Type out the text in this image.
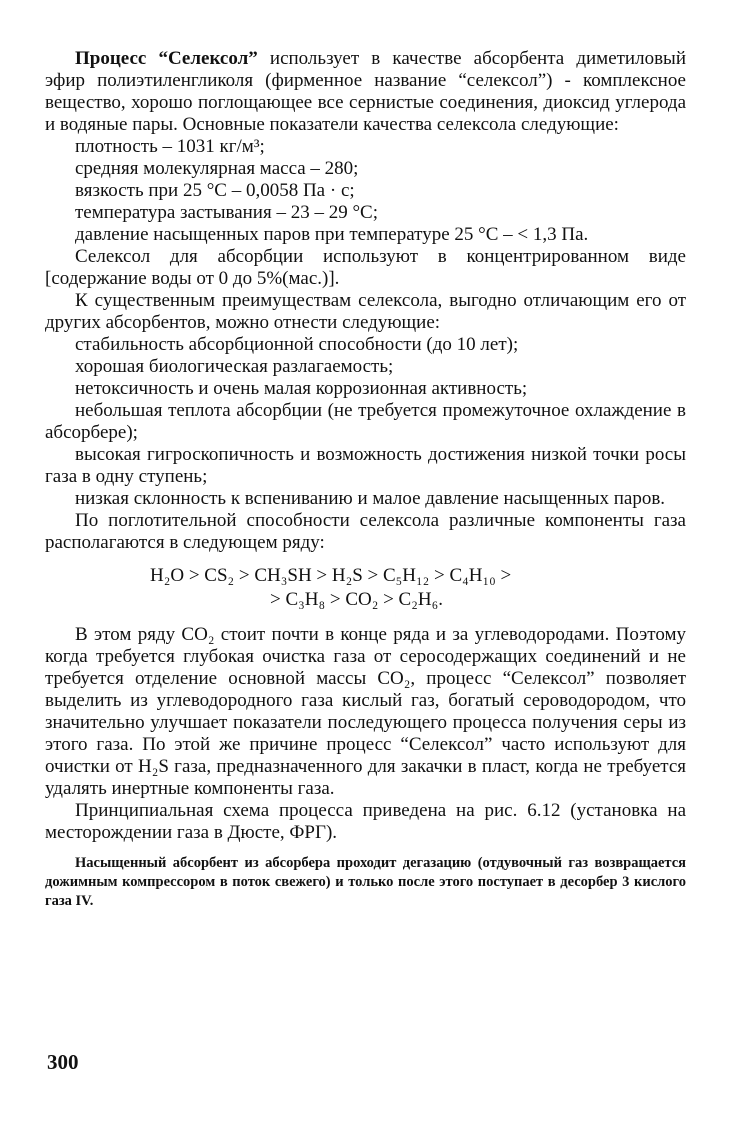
Процесс “Селексол” использует в качестве абсорбента диметиловый эфир полиэтиленгликоля (фирменное название “селексол”) - комплексное вещество, хорошо поглощающее все сернистые соединения, диоксид углерода и водяные пары. Основные показатели качества селексола следующие:

плотность – 1031 кг/м³;

средняя молекулярная масса – 280;

вязкость при 25 °С – 0,0058 Па · с;

температура застывания – 23 – 29 °С;

давление насыщенных паров при температуре 25 °С – < 1,3 Па.

Селексол для абсорбции используют в концентрированном виде [содержание воды от 0 до 5%(мас.)].

К существенным преимуществам селексола, выгодно отличающим его от других абсорбентов, можно отнести следующие:

стабильность абсорбционной способности (до 10 лет);

хорошая биологическая разлагаемость;

нетоксичность и очень малая коррозионная активность;

небольшая теплота абсорбции (не требуется промежуточное охлаждение в абсорбере);

высокая гигроскопичность и возможность достижения низкой точки росы газа в одну ступень;

низкая склонность к вспениванию и малое давление насыщенных паров.

По поглотительной способности селексола различные компоненты газа располагаются в следующем ряду:

H₂O > CS₂ > CH₃SH > H₂S > C₅H₁₂ > C₄H₁₀ >
> C₃H₈ > CO₂ > C₂H₆.

В этом ряду CO₂ стоит почти в конце ряда и за углеводородами. Поэтому когда требуется глубокая очистка газа от серосодержащих соединений и не требуется отделение основной массы CO₂, процесс “Селексол” позволяет выделить из углеводородного газа кислый газ, богатый сероводородом, что значительно улучшает показатели последующего процесса получения серы из этого газа. По этой же причине процесс “Селексол” часто используют для очистки от H₂S газа, предназначенного для закачки в пласт, когда не требуется удалять инертные компоненты газа.

Принципиальная схема процесса приведена на рис. 6.12 (установка на месторождении газа в Дюсте, ФРГ).

Насыщенный абсорбент из абсорбера проходит дегазацию (отдувочный газ возвращается дожимным компрессором в поток свежего) и только после этого поступает в десорбер 3 кислого газа IV.

300
